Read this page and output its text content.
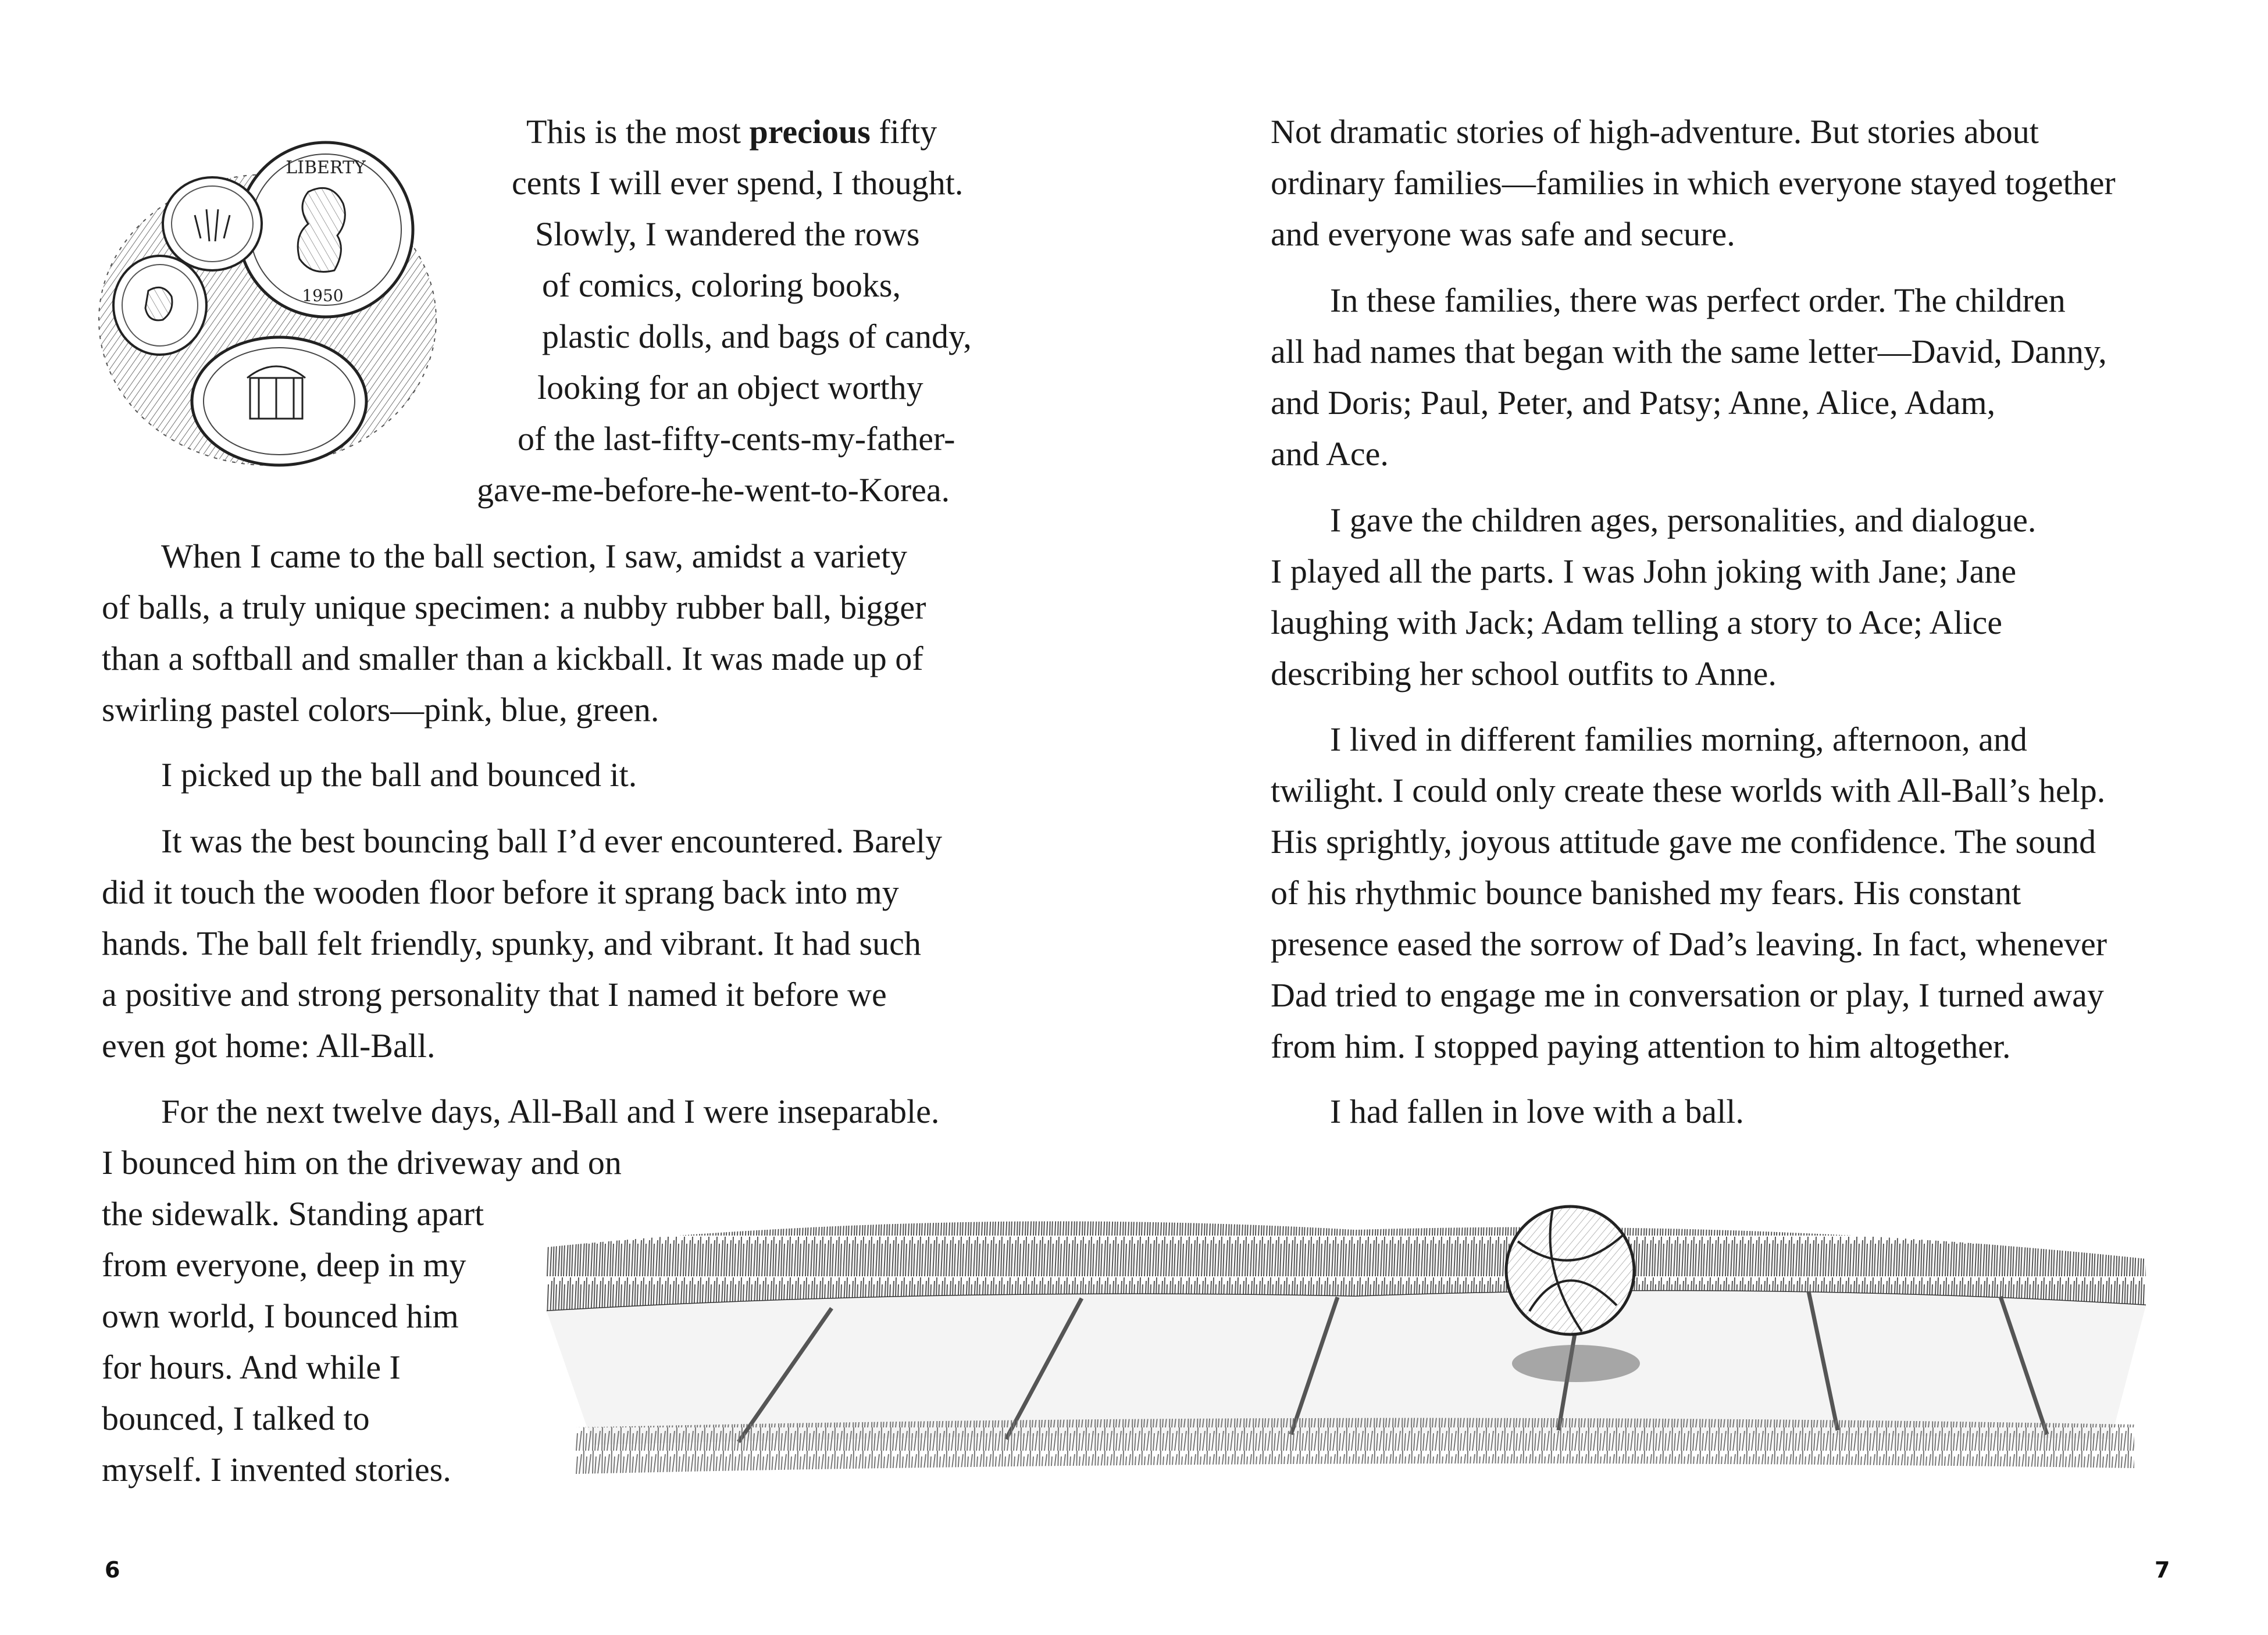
LIBERTY
1950
This is the most precious fifty
cents I will ever spend, I thought.
Slowly, I wandered the rows
of comics, coloring books,
plastic dolls, and bags of candy,
looking for an object worthy
of the last-fifty-cents-my-father-
gave-me-before-he-went-to-Korea.
When I came to the ball section, I saw, amidst a variety
of balls, a truly unique specimen: a nubby rubber ball, bigger
than a softball and smaller than a kickball. It was made up of
swirling pastel colors—pink, blue, green.
I picked up the ball and bounced it.
It was the best bouncing ball I’d ever encountered. Barely
did it touch the wooden floor before it sprang back into my
hands. The ball felt friendly, spunky, and vibrant. It had such
a positive and strong personality that I named it before we
even got home: All-Ball.
For the next twelve days, All-Ball and I were inseparable.
I bounced him on the driveway and on
the sidewalk. Standing apart
from everyone, deep in my
own world, I bounced him
for hours. And while I
bounced, I talked to
myself. I invented stories.
6
Not dramatic stories of high-adventure. But stories about
ordinary families—families in which everyone stayed together
and everyone was safe and secure.
In these families, there was perfect order. The children
all had names that began with the same letter—David, Danny,
and Doris; Paul, Peter, and Patsy; Anne, Alice, Adam,
and Ace.
I gave the children ages, personalities, and dialogue.
I played all the parts. I was John joking with Jane; Jane
laughing with Jack; Adam telling a story to Ace; Alice
describing her school outfits to Anne.
I lived in different families morning, afternoon, and
twilight. I could only create these worlds with All-Ball’s help.
His sprightly, joyous attitude gave me confidence. The sound
of his rhythmic bounce banished my fears. His constant
presence eased the sorrow of Dad’s leaving. In fact, whenever
Dad tried to engage me in conversation or play, I turned away
from him. I stopped paying attention to him altogether.
I had fallen in love with a ball.
7
